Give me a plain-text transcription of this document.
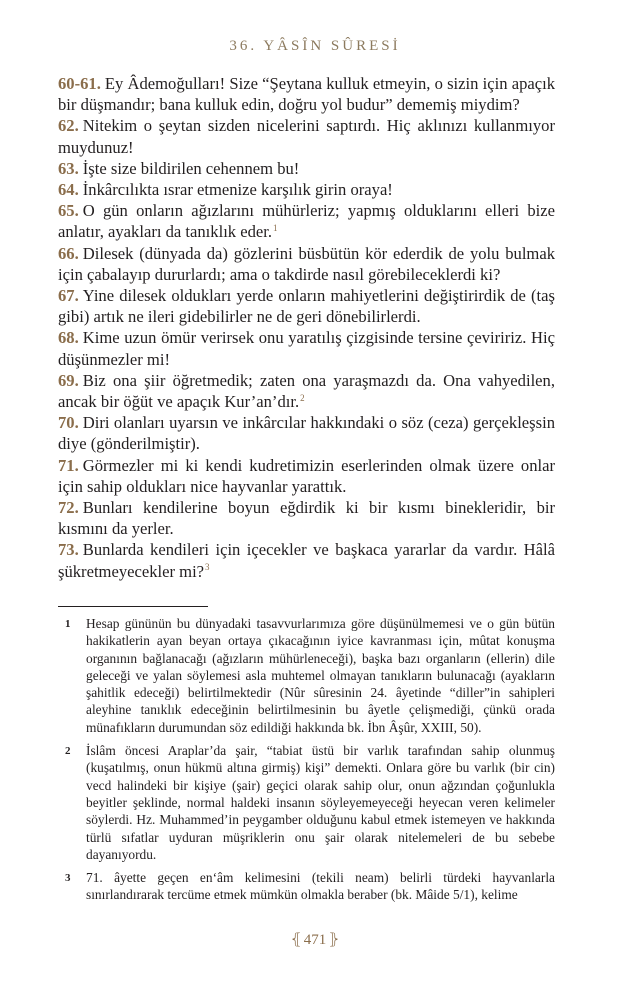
36. YÂSÎN SÛRESİ

60-61. Ey Âdemoğulları! Size “Şeytana kulluk etmeyin, o sizin için apaçık bir düşmandır; bana kulluk edin, doğru yol budur” dememiş miydim?

62. Nitekim o şeytan sizden nicelerini saptırdı. Hiç aklınızı kullanmıyor muydunuz!

63. İşte size bildirilen cehennem bu!

64. İnkârcılıkta ısrar etmenize karşılık girin oraya!

65. O gün onların ağızlarını mühürleriz; yapmış olduklarını elleri bize anlatır, ayakları da tanıklık eder.$^1$

66. Dilesek (dünyada da) gözlerini büsbütün kör ederdik de yolu bulmak için çabalayıp dururlardı; ama o takdirde nasıl görebileceklerdi ki?

67. Yine dilesek oldukları yerde onların mahiyetlerini değiştirirdik de (taş gibi) artık ne ileri gidebilirler ne de geri dönebilirlerdi.

68. Kime uzun ömür verirsek onu yaratılış çizgisinde tersine çeviririz. Hiç düşünmezler mi!

69. Biz ona şiir öğretmedik; zaten ona yaraşmazdı da. Ona vahyedilen, ancak bir öğüt ve apaçık Kur’an’dır.$^2$

70. Diri olanları uyarsın ve inkârcılar hakkındaki o söz (ceza) gerçekleşsin diye (gönderilmiştir).

71. Görmezler mi ki kendi kudretimizin eserlerinden olmak üzere onlar için sahip oldukları nice hayvanlar yarattık.

72. Bunları kendilerine boyun eğdirdik ki bir kısmı binekleridir, bir kısmını da yerler.

73. Bunlarda kendileri için içecekler ve başkaca yararlar da vardır. Hâlâ şükretmeyecekler mi?$^3$

1	Hesap gününün bu dünyadaki tasavvurlarımıza göre düşünülmemesi ve o gün bütün hakikatlerin ayan beyan ortaya çıkacağının iyice kavranması için, mûtat konuşma organının bağlanacağı (ağızların mühürleneceği), başka bazı organların (ellerin) dile geleceği ve yalan söylemesi asla muhtemel olmayan tanıkların bulunacağı (ayakların şahitlik edeceği) belirtilmektedir (Nûr sûresinin 24. âyetinde “diller”in sahipleri aleyhine tanıklık edeceğinin belirtilmesinin bu âyetle çelişmediği, çünkü orada münafıkların durumundan söz edildiği hakkında bk. İbn Âşûr, XXIII, 50).
2	İslâm öncesi Araplar’da şair, “tabiat üstü bir varlık tarafından sahip olunmuş (kuşatılmış, onun hükmü altına girmiş) kişi” demekti. Onlara göre bu varlık (bir cin) vecd halindeki bir kişiye (şair) geçici olarak sahip olur, onun ağzından çoğunlukla beyitler şeklinde, normal haldeki insanın söyleyemeyeceği heyecan veren kelimeler söylerdi. Hz. Muhammed’in peygamber olduğunu kabul etmek istemeyen ve hakkında türlü sıfatlar uyduran müşriklerin onu şair olarak nitelemeleri de bu sebebe dayanıyordu.
3	71. âyette geçen en‘âm kelimesini (tekili neam) belirli türdeki hayvanlarla sınırlandırarak tercüme etmek mümkün olmakla beraber (bk. Mâide 5/1), kelime
⦃ 471 ⦄
